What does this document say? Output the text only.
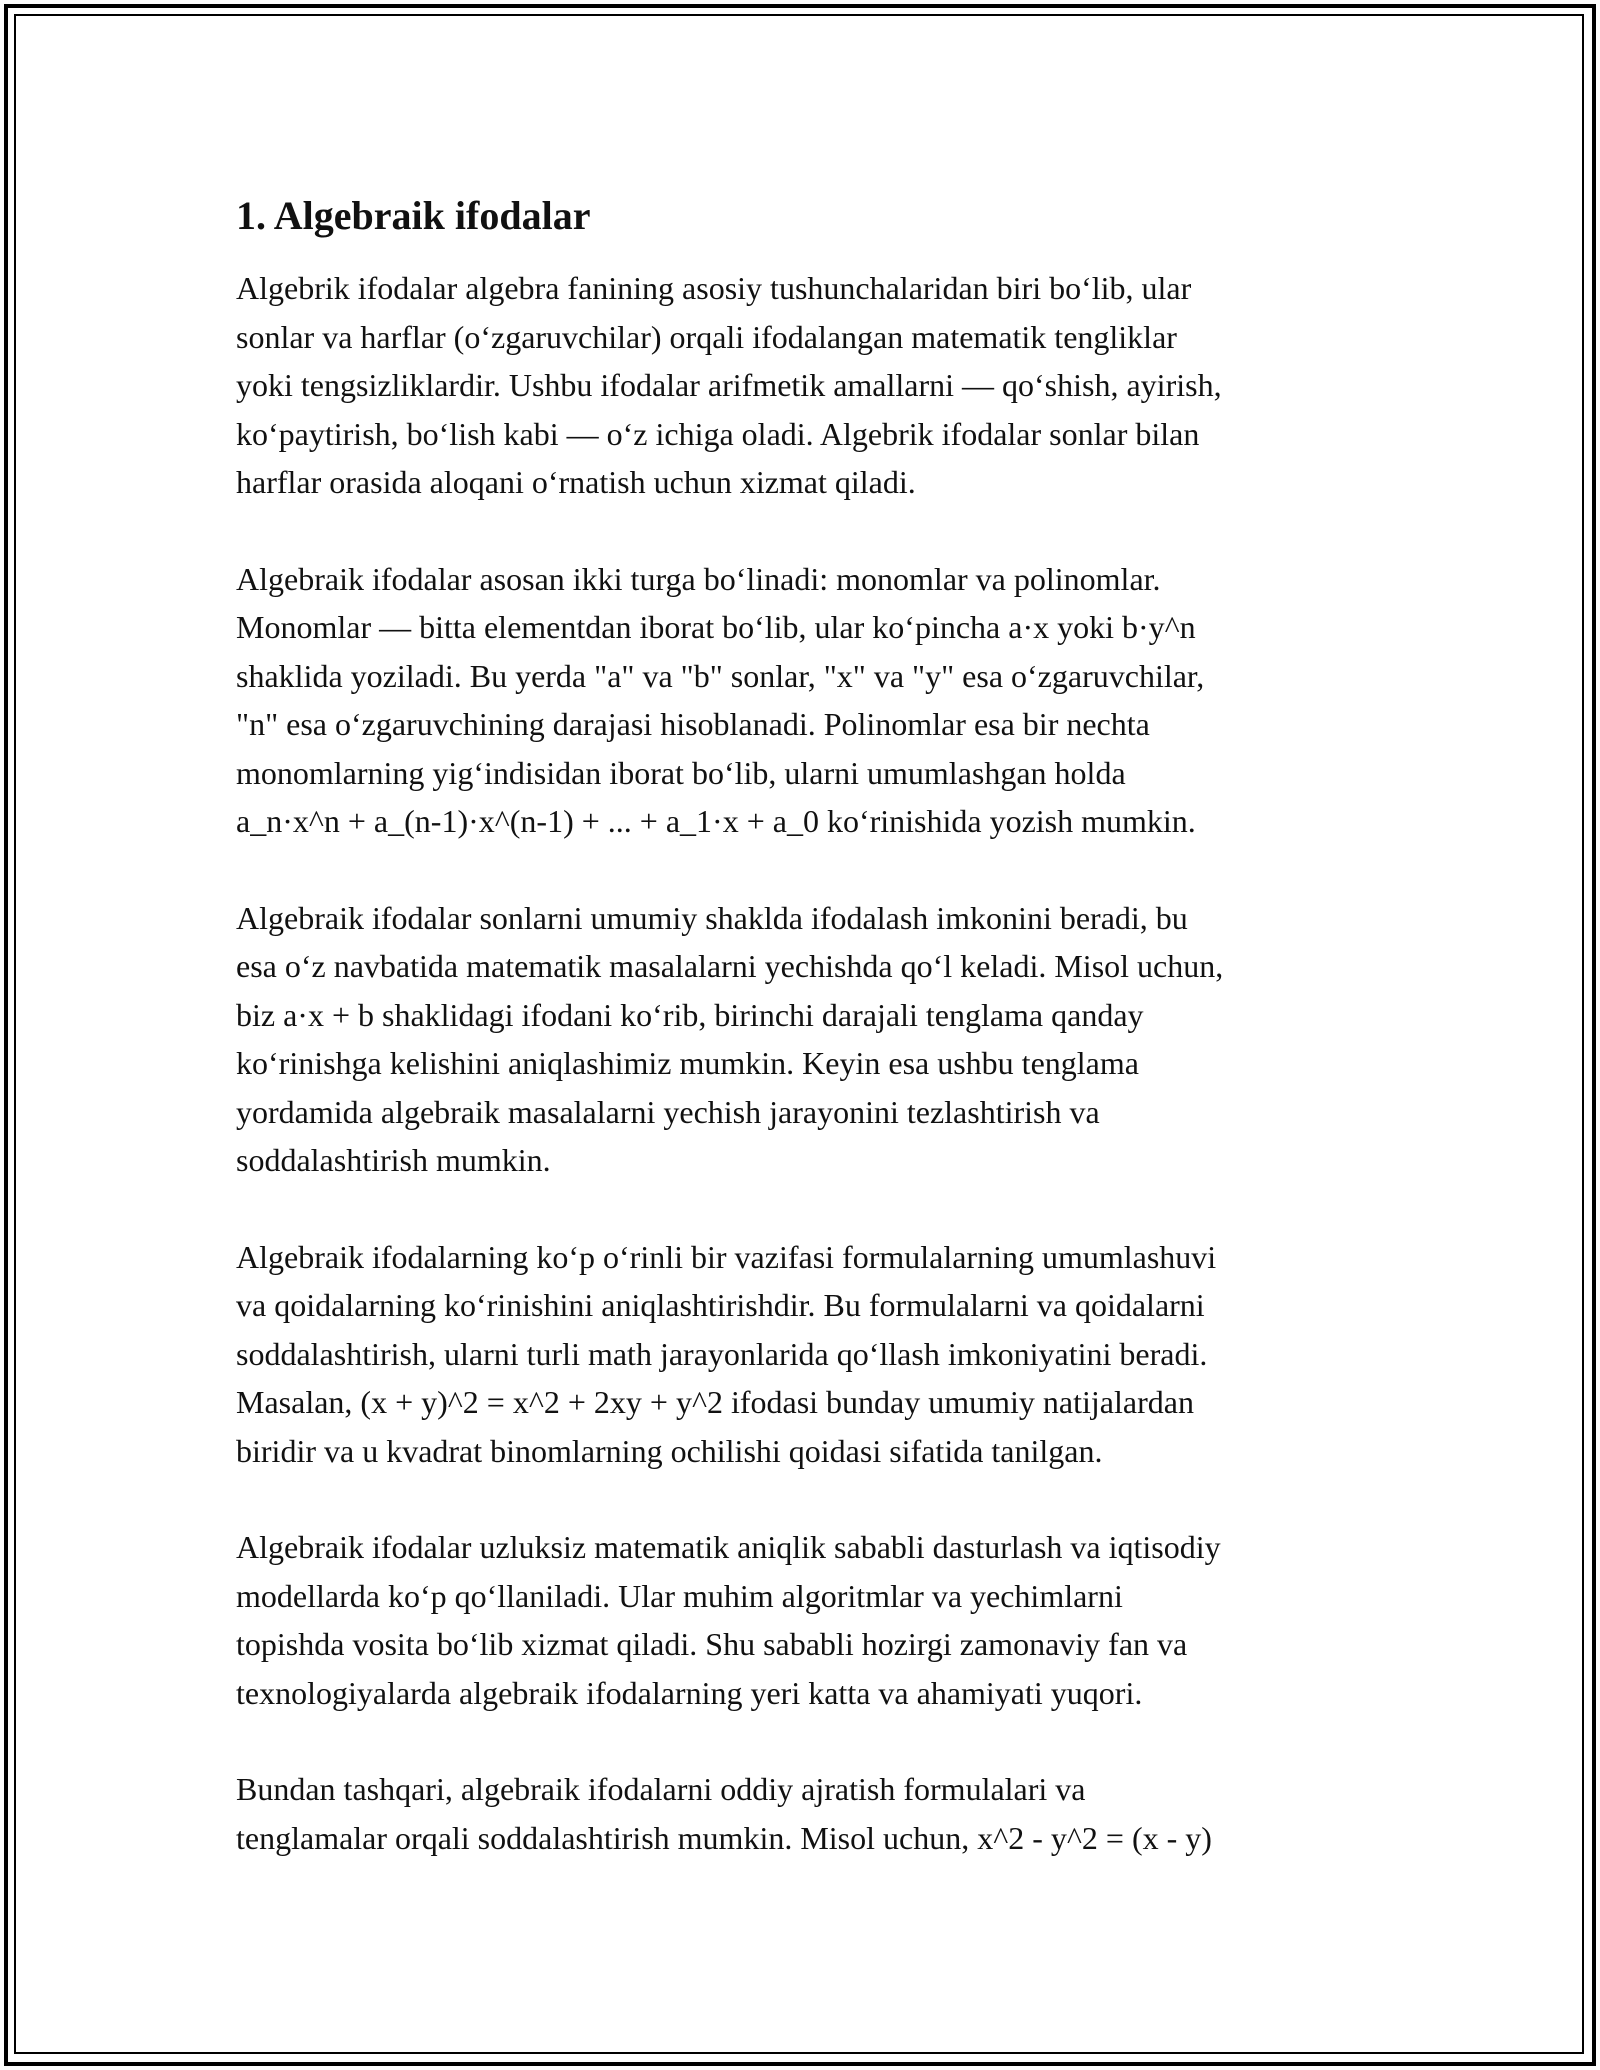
1. Algebraik ifodalar

Algebrik ifodalar algebra fanining asosiy tushunchalaridan biri bo‘lib, ular
sonlar va harflar (o‘zgaruvchilar) orqali ifodalangan matematik tengliklar
yoki tengsizliklardir. Ushbu ifodalar arifmetik amallarni — qo‘shish, ayirish,
ko‘paytirish, bo‘lish kabi — o‘z ichiga oladi. Algebrik ifodalar sonlar bilan
harflar orasida aloqani o‘rnatish uchun xizmat qiladi.

Algebraik ifodalar asosan ikki turga bo‘linadi: monomlar va polinomlar.
Monomlar — bitta elementdan iborat bo‘lib, ular ko‘pincha a·x yoki b·y^n
shaklida yoziladi. Bu yerda "a" va "b" sonlar, "x" va "y" esa o‘zgaruvchilar,
"n" esa o‘zgaruvchining darajasi hisoblanadi. Polinomlar esa bir nechta
monomlarning yig‘indisidan iborat bo‘lib, ularni umumlashgan holda
a_n·x^n + a_(n-1)·x^(n-1) + ... + a_1·x + a_0 ko‘rinishida yozish mumkin.

Algebraik ifodalar sonlarni umumiy shaklda ifodalash imkonini beradi, bu
esa o‘z navbatida matematik masalalarni yechishda qo‘l keladi. Misol uchun,
biz a·x + b shaklidagi ifodani ko‘rib, birinchi darajali tenglama qanday
ko‘rinishga kelishini aniqlashimiz mumkin. Keyin esa ushbu tenglama
yordamida algebraik masalalarni yechish jarayonini tezlashtirish va
soddalashtirish mumkin.

Algebraik ifodalarning ko‘p o‘rinli bir vazifasi formulalarning umumlashuvi
va qoidalarning ko‘rinishini aniqlashtirishdir. Bu formulalarni va qoidalarni
soddalashtirish, ularni turli math jarayonlarida qo‘llash imkoniyatini beradi.
Masalan, (x + y)^2 = x^2 + 2xy + y^2 ifodasi bunday umumiy natijalardan
biridir va u kvadrat binomlarning ochilishi qoidasi sifatida tanilgan.

Algebraik ifodalar uzluksiz matematik aniqlik sababli dasturlash va iqtisodiy
modellarda ko‘p qo‘llaniladi. Ular muhim algoritmlar va yechimlarni
topishda vosita bo‘lib xizmat qiladi. Shu sababli hozirgi zamonaviy fan va
texnologiyalarda algebraik ifodalarning yeri katta va ahamiyati yuqori.

Bundan tashqari, algebraik ifodalarni oddiy ajratish formulalari va
tenglamalar orqali soddalashtirish mumkin. Misol uchun, x^2 - y^2 = (x - y)
